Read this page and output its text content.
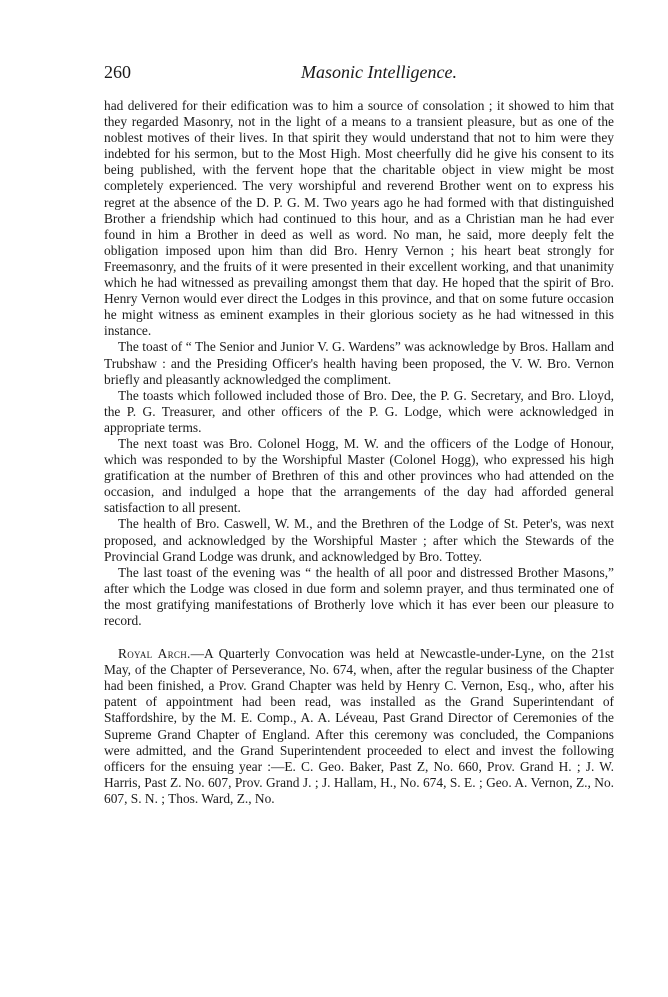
260	Masonic Intelligence.

had delivered for their edification was to him a source of consolation ; it showed to him that they regarded Masonry, not in the light of a means to a transient pleasure, but as one of the noblest motives of their lives. In that spirit they would understand that not to him were they indebted for his sermon, but to the Most High. Most cheerfully did he give his consent to its being published, with the fervent hope that the charitable object in view might be most completely experienced. The very worshipful and reverend Brother went on to express his regret at the absence of the D. P. G. M. Two years ago he had formed with that distinguished Brother a friendship which had continued to this hour, and as a Christian man he had ever found in him a Brother in deed as well as word. No man, he said, more deeply felt the obligation imposed upon him than did Bro. Henry Vernon ; his heart beat strongly for Freemasonry, and the fruits of it were presented in their excellent working, and that unanimity which he had witnessed as prevailing amongst them that day. He hoped that the spirit of Bro. Henry Vernon would ever direct the Lodges in this province, and that on some future occasion he might witness as eminent examples in their glorious society as he had witnessed in this instance.

The toast of “ The Senior and Junior V. G. Wardens” was acknowledge by Bros. Hallam and Trubshaw : and the Presiding Officer's health having been proposed, the V. W. Bro. Vernon briefly and pleasantly acknowledged the compliment.

The toasts which followed included those of Bro. Dee, the P. G. Secretary, and Bro. Lloyd, the P. G. Treasurer, and other officers of the P. G. Lodge, which were acknowledged in appropriate terms.

The next toast was Bro. Colonel Hogg, M. W. and the officers of the Lodge of Honour, which was responded to by the Worshipful Master (Colonel Hogg), who expressed his high gratification at the number of Brethren of this and other provinces who had attended on the occasion, and indulged a hope that the arrangements of the day had afforded general satisfaction to all present.

The health of Bro. Caswell, W. M., and the Brethren of the Lodge of St. Peter's, was next proposed, and acknowledged by the Worshipful Master ; after which the Stewards of the Provincial Grand Lodge was drunk, and acknowledged by Bro. Tottey.

The last toast of the evening was “ the health of all poor and distressed Brother Masons,” after which the Lodge was closed in due form and solemn prayer, and thus terminated one of the most gratifying manifestations of Brotherly love which it has ever been our pleasure to record.

Royal Arch.—A Quarterly Convocation was held at Newcastle-under-Lyne, on the 21st May, of the Chapter of Perseverance, No. 674, when, after the regular business of the Chapter had been finished, a Prov. Grand Chapter was held by Henry C. Vernon, Esq., who, after his patent of appointment had been read, was installed as the Grand Superintendant of Staffordshire, by the M. E. Comp., A. A. Léveau, Past Grand Director of Ceremonies of the Supreme Grand Chapter of England. After this ceremony was concluded, the Companions were admitted, and the Grand Superintendent proceeded to elect and invest the following officers for the ensuing year :—E. C. Geo. Baker, Past Z, No. 660, Prov. Grand H. ; J. W. Harris, Past Z. No. 607, Prov. Grand J. ; J. Hallam, H., No. 674, S. E. ; Geo. A. Vernon, Z., No. 607, S. N. ; Thos. Ward, Z., No.
